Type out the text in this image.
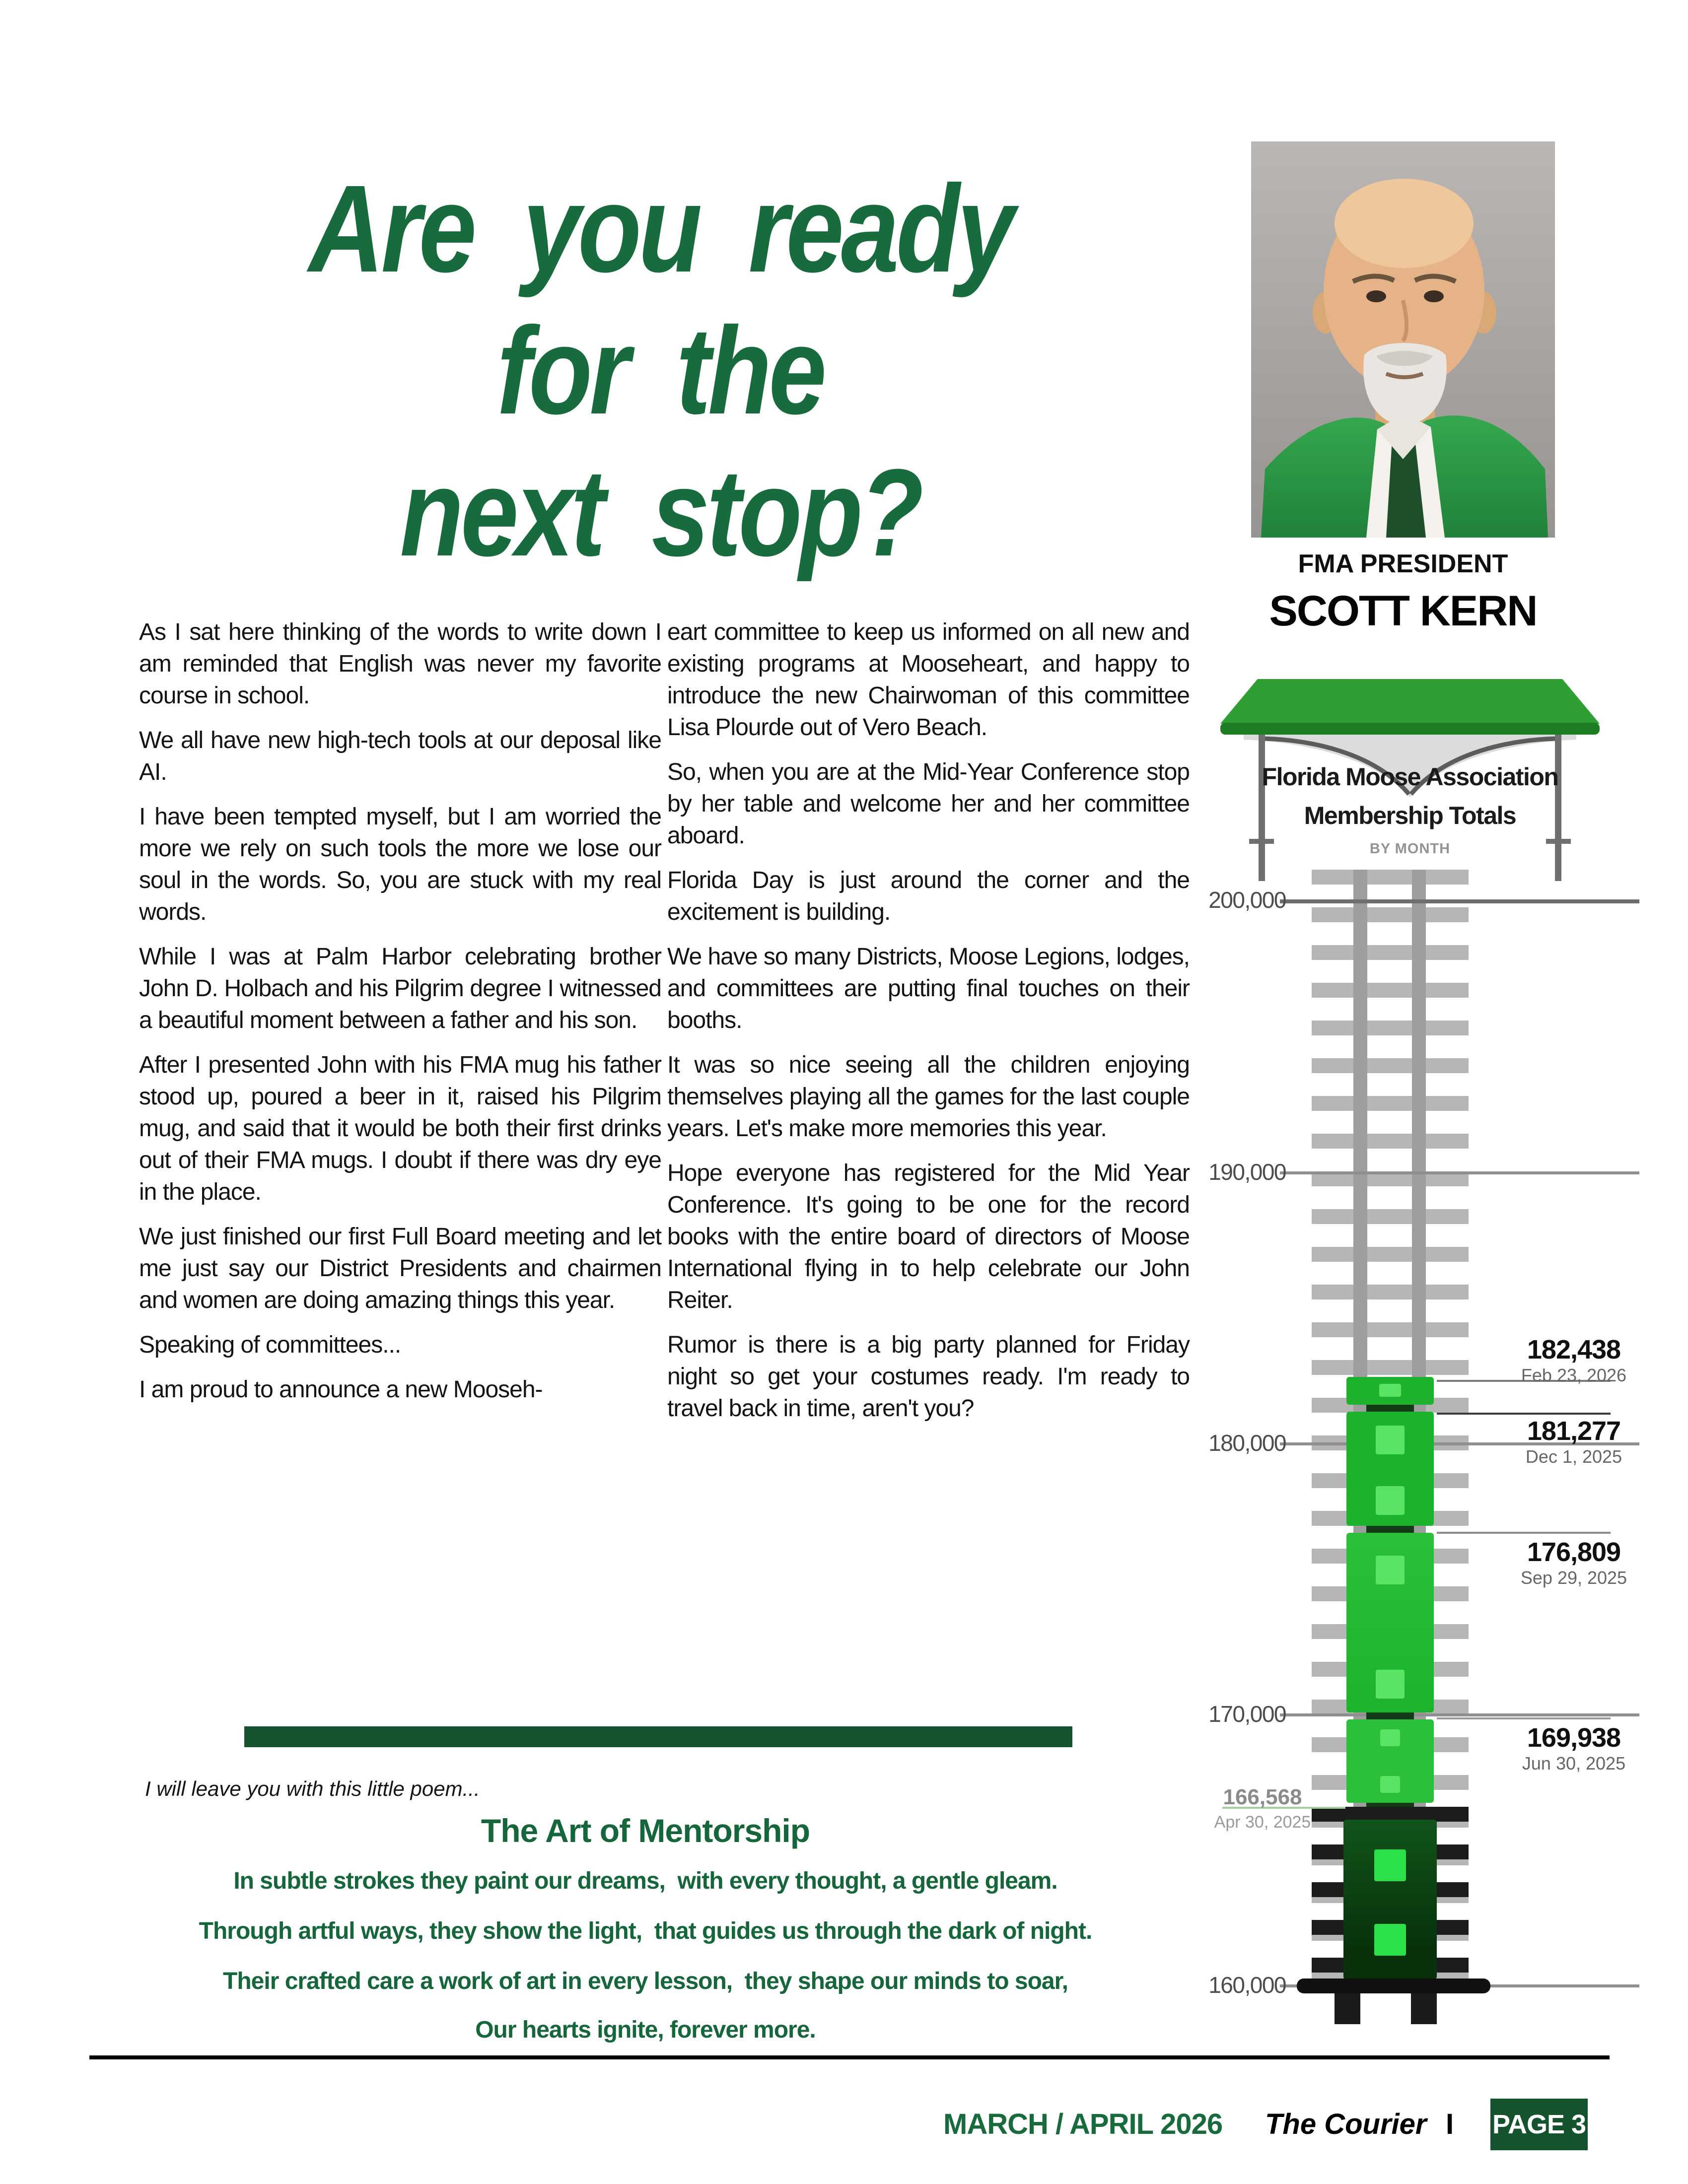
Are you ready
for the
next stop?

As I sat here thinking of the words to write down I am reminded that English was never my favorite course in school.

We all have new high-tech tools at our deposal like AI.

I have been tempted myself, but I am worried the more we rely on such tools the more we lose our soul in the words. So, you are stuck with my real words.

While I was at Palm Harbor celebrating brother John D. Holbach and his Pilgrim degree I witnessed a beautiful moment between a father and his son.

After I presented John with his FMA mug his father stood up, poured a beer in it, raised his Pilgrim mug, and said that it would be both their first drinks out of their FMA mugs. I doubt if there was dry eye in the place.

We just finished our first Full Board meeting and let me just say our District Presidents and chairmen and women are doing amazing things this year.

Speaking of committees...

I am proud to announce a new Mooseh-

eart committee to keep us informed on all new and existing programs at Mooseheart, and happy to introduce the new Chairwoman of this committee Lisa Plourde out of Vero Beach.

So, when you are at the Mid-Year Conference stop by her table and welcome her and her committee aboard.

Florida Day is just around the corner and the excitement is building.

We have so many Districts, Moose Legions, lodges, and committees are putting final touches on their booths.

It was so nice seeing all the children enjoying themselves playing all the games for the last couple years. Let's make more memories this year.

Hope everyone has registered for the Mid Year Conference. It's going to be one for the record books with the entire board of directors of Moose International flying in to help celebrate our John Reiter.

Rumor is there is a big party planned for Friday night so get your costumes ready. I'm ready to travel back in time, aren't you?

FMA PRESIDENT
SCOTT KERN
Florida Moose Association
Membership Totals
BY MONTH
200,000
190,000
180,000
170,000
160,000
182,438
Feb 23, 2026
181,277
Dec 1, 2025
176,809
Sep 29, 2025
169,938
Jun 30, 2025
166,568
Apr 30, 2025
I will leave you with this little poem...
The Art of Mentorship
In subtle strokes they paint our dreams,  with every thought, a gentle gleam.
Through artful ways, they show the light,  that guides us through the dark of night.
Their crafted care a work of art in every lesson,  they shape our minds to soar,
Our hearts ignite, forever more.
MARCH / APRIL 2026 The Courier I PAGE 3
